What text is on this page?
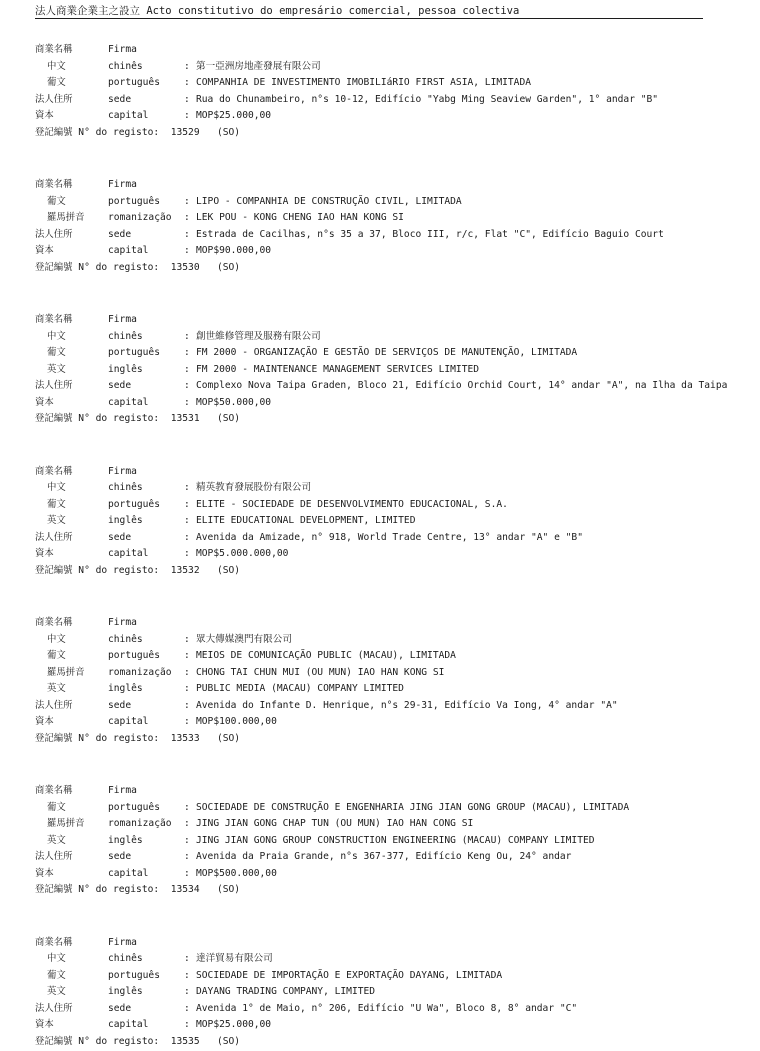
法人商業企業主之設立 Acto constitutivo do empresário comercial, pessoa colectiva
商業名稱	Firma
中文	chinês	: 第一亞洲房地產發展有限公司
葡文	português	: COMPANHIA DE INVESTIMENTO IMOBILIáRIO FIRST ASIA, LIMITADA
法人住所	sede	: Rua do Chunambeiro, n°s 10-12, Edifício "Yabg Ming Seaview Garden", 1° andar "B"
資本	capital	: MOP$25.000,00
登記編號 N° do registo: 13529 (SO)
商業名稱	Firma
葡文	português	: LIPO - COMPANHIA DE CONSTRUÇÃO CIVIL, LIMITADA
羅馬拼音	romanização	: LEK POU - KONG CHENG IAO HAN KONG SI
法人住所	sede	: Estrada de Cacilhas, n°s 35 a 37, Bloco III, r/c, Flat "C", Edifício Baguio Court
資本	capital	: MOP$90.000,00
登記編號 N° do registo: 13530 (SO)
商業名稱	Firma
中文	chinês	: 創世維修管理及服務有限公司
葡文	português	: FM 2000 - ORGANIZAÇÃO E GESTÃO DE SERVIÇOS DE MANUTENÇÃO, LIMITADA
英文	inglês	: FM 2000 - MAINTENANCE MANAGEMENT SERVICES LIMITED
法人住所	sede	: Complexo Nova Taipa Graden, Bloco 21, Edifício Orchid Court, 14° andar "A", na Ilha da Taipa
資本	capital	: MOP$50.000,00
登記編號 N° do registo: 13531 (SO)
商業名稱	Firma
中文	chinês	: 精英教育發展股份有限公司
葡文	português	: ELITE - SOCIEDADE DE DESENVOLVIMENTO EDUCACIONAL, S.A.
英文	inglês	: ELITE EDUCATIONAL DEVELOPMENT, LIMITED
法人住所	sede	: Avenida da Amizade, n° 918, World Trade Centre, 13° andar "A" e "B"
資本	capital	: MOP$5.000.000,00
登記編號 N° do registo: 13532 (SO)
商業名稱	Firma
中文	chinês	: 眾大傳媒澳門有限公司
葡文	português	: MEIOS DE COMUNICAÇÃO PUBLIC (MACAU), LIMITADA
羅馬拼音	romanização	: CHONG TAI CHUN MUI (OU MUN) IAO HAN KONG SI
英文	inglês	: PUBLIC MEDIA (MACAU) COMPANY LIMITED
法人住所	sede	: Avenida do Infante D. Henrique, n°s 29-31, Edifício Va Iong, 4° andar "A"
資本	capital	: MOP$100.000,00
登記編號 N° do registo: 13533 (SO)
商業名稱	Firma
葡文	português	: SOCIEDADE DE CONSTRUÇÃO E ENGENHARIA JING JIAN GONG GROUP (MACAU), LIMITADA
羅馬拼音	romanização	: JING JIAN GONG CHAP TUN (OU MUN) IAO HAN CONG SI
英文	inglês	: JING JIAN GONG GROUP CONSTRUCTION ENGINEERING (MACAU) COMPANY LIMITED
法人住所	sede	: Avenida da Praia Grande, n°s 367-377, Edifício Keng Ou, 24° andar
資本	capital	: MOP$500.000,00
登記編號 N° do registo: 13534 (SO)
商業名稱	Firma
中文	chinês	: 達洋貿易有限公司
葡文	português	: SOCIEDADE DE IMPORTAÇÃO E EXPORTAÇÃO DAYANG, LIMITADA
英文	inglês	: DAYANG TRADING COMPANY, LIMITED
法人住所	sede	: Avenida 1° de Maio, n° 206, Edifício "U Wa", Bloco 8, 8° andar "C"
資本	capital	: MOP$25.000,00
登記編號 N° do registo: 13535 (SO)
